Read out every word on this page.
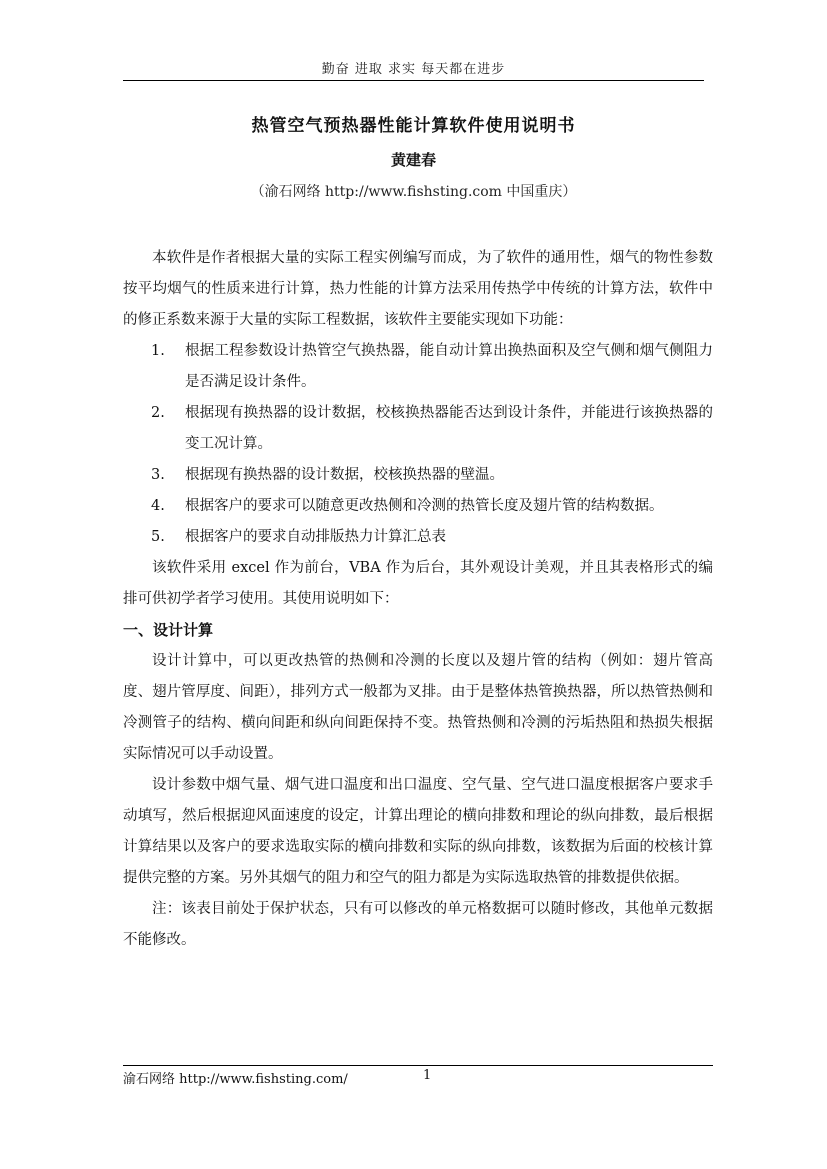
勤奋 进取 求实 每天都在进步
热管空气预热器性能计算软件使用说明书
黄建春
（渝石网络 http://www.fishsting.com 中国重庆）

本软件是作者根据大量的实际工程实例编写而成，为了软件的通用性，烟气的物性参数按平均烟气的性质来进行计算，热力性能的计算方法采用传热学中传统的计算方法，软件中的修正系数来源于大量的实际工程数据，该软件主要能实现如下功能：

1. 根据工程参数设计热管空气换热器，能自动计算出换热面积及空气侧和烟气侧阻力是否满足设计条件。
2. 根据现有换热器的设计数据，校核换热器能否达到设计条件，并能进行该换热器的变工况计算。
3. 根据现有换热器的设计数据，校核换热器的壁温。
4. 根据客户的要求可以随意更改热侧和冷测的热管长度及翅片管的结构数据。
5. 根据客户的要求自动排版热力计算汇总表

该软件采用 excel 作为前台，VBA 作为后台，其外观设计美观，并且其表格形式的编排可供初学者学习使用。其使用说明如下：

一、设计计算

设计计算中，可以更改热管的热侧和冷测的长度以及翅片管的结构（例如：翅片管高度、翅片管厚度、间距），排列方式一般都为叉排。由于是整体热管换热器，所以热管热侧和冷测管子的结构、横向间距和纵向间距保持不变。热管热侧和冷测的污垢热阻和热损失根据实际情况可以手动设置。

设计参数中烟气量、烟气进口温度和出口温度、空气量、空气进口温度根据客户要求手动填写，然后根据迎风面速度的设定，计算出理论的横向排数和理论的纵向排数，最后根据计算结果以及客户的要求选取实际的横向排数和实际的纵向排数，该数据为后面的校核计算提供完整的方案。另外其烟气的阻力和空气的阻力都是为实际选取热管的排数提供依据。

注：该表目前处于保护状态，只有可以修改的单元格数据可以随时修改，其他单元数据不能修改。

渝石网络 http://www.fishsting.com/	1
